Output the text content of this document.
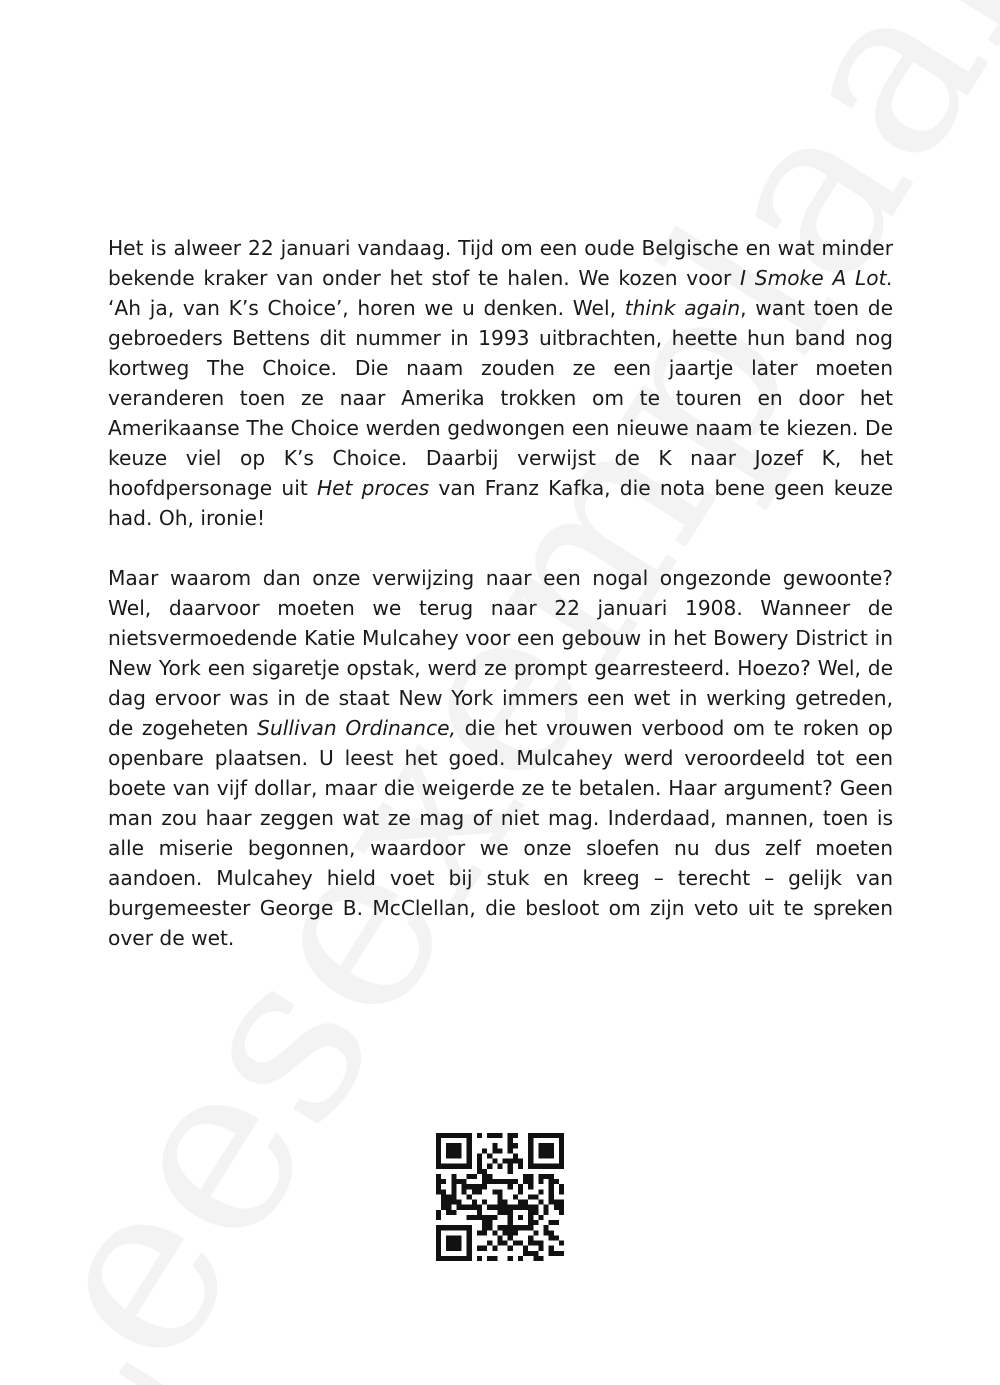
Het is alweer 22 januari vandaag. Tijd om een oude Belgische en wat minder bekende kraker van onder het stof te halen. We kozen voor I Smoke A Lot. ‘Ah ja, van K’s Choice’, horen we u denken. Wel, think again, want toen de gebroeders Bettens dit nummer in 1993 uitbrachten, heette hun band nog kortweg The Choice. Die naam zouden ze een jaartje later moeten veranderen toen ze naar Amerika trokken om te touren en door het Amerikaanse The Choice werden gedwongen een nieuwe naam te kiezen. De keuze viel op K’s Choice. Daarbij verwijst de K naar Jozef K, het hoofdpersonage uit Het proces van Franz Kafka, die nota bene geen keuze had. Oh, ironie!

Maar waarom dan onze verwijzing naar een nogal ongezonde gewoonte? Wel, daarvoor moeten we terug naar 22 januari 1908. Wanneer de nietsvermoedende Katie Mulcahey voor een gebouw in het Bowery District in New York een sigaretje opstak, werd ze prompt gearresteerd. Hoezo? Wel, de dag ervoor was in de staat New York immers een wet in werking getreden, de zogeheten Sullivan Ordinance, die het vrouwen verbood om te roken op openbare plaatsen. U leest het goed. Mulcahey werd veroordeeld tot een boete van vijf dollar, maar die weigerde ze te betalen. Haar argument? Geen man zou haar zeggen wat ze mag of niet mag. Inderdaad, mannen, toen is alle miserie begonnen, waardoor we onze sloefen nu dus zelf moeten aandoen. Mulcahey hield voet bij stuk en kreeg – terecht – gelijk van burgemeester George B. McClellan, die besloot om zijn veto uit te spreken over de wet.
